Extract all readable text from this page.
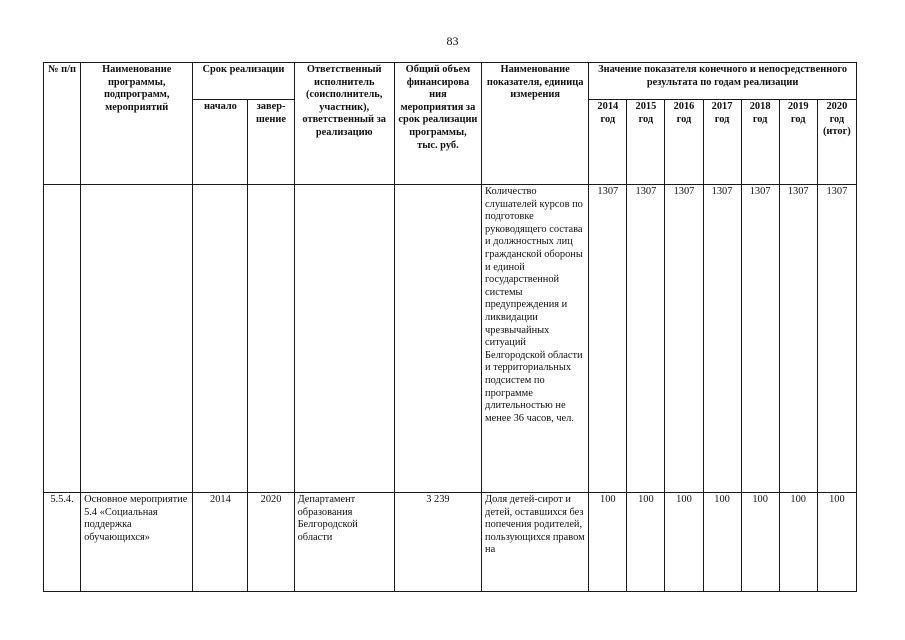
83
№ п/п	Наименование программы, подпрограмм, мероприятий	Срок реализации		Ответственный исполнитель (соисполнитель, участник), ответственный за реализацию	Общий объем финансирова ния мероприятия за срок реализации программы, тыс. руб.	Наименование показателя, единица измерения	Значение показателя конечного и непосредственного результата по годам реализации						
		начало	завер-шение				2014 год	2015 год	2016 год	2017 год	2018 год	2019 год	2020 год (итог)
						Количество слушателей курсов по подготовке руководящего состава и должностных лиц гражданской обороны и единой государственной системы предупреждения и ликвидации чрезвычайных ситуаций Белгородской области и территориальных подсистем по программе длительностью не менее 36 часов, чел.	1307	1307	1307	1307	1307	1307	1307
5.5.4.	Основное мероприятие 5.4 «Социальная поддержка обучающихся»	2014	2020	Департамент образования Белгородской области	3 239	Доля детей-сирот и детей, оставшихся без попечения родителей, пользующихся правом на	100	100	100	100	100	100	100
